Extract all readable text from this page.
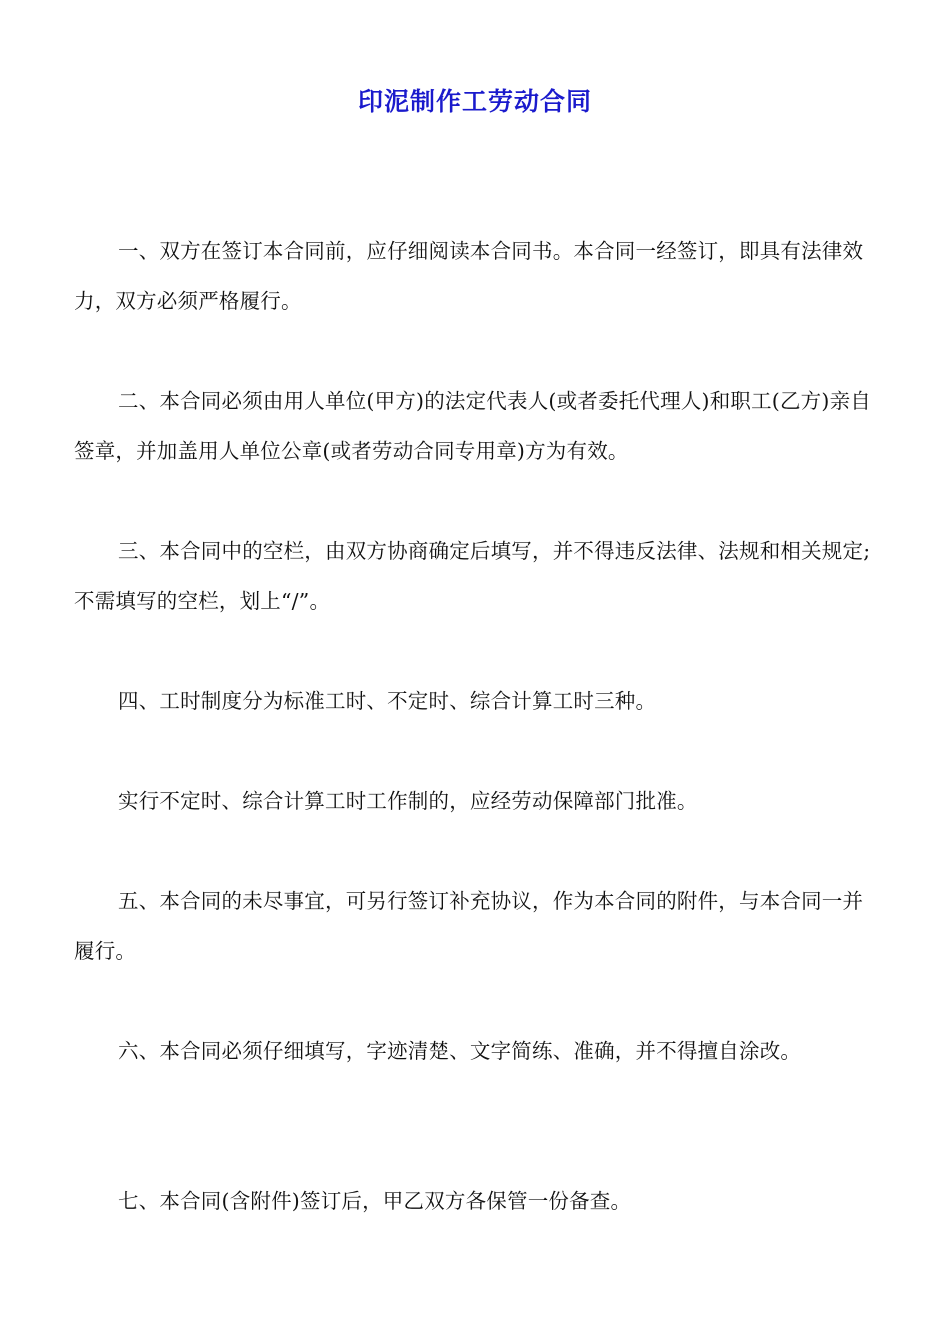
印泥制作工劳动合同

一、双方在签订本合同前，应仔细阅读本合同书。本合同一经签订，即具有法律效力，双方必须严格履行。

二、本合同必须由用人单位(甲方)的法定代表人(或者委托代理人)和职工(乙方)亲自签章，并加盖用人单位公章(或者劳动合同专用章)方为有效。

三、本合同中的空栏，由双方协商确定后填写，并不得违反法律、法规和相关规定;不需填写的空栏，划上“/”。

四、工时制度分为标准工时、不定时、综合计算工时三种。

实行不定时、综合计算工时工作制的，应经劳动保障部门批准。

五、本合同的未尽事宜，可另行签订补充协议，作为本合同的附件，与本合同一并履行。

六、本合同必须仔细填写，字迹清楚、文字简练、准确，并不得擅自涂改。

七、本合同(含附件)签订后，甲乙双方各保管一份备查。
